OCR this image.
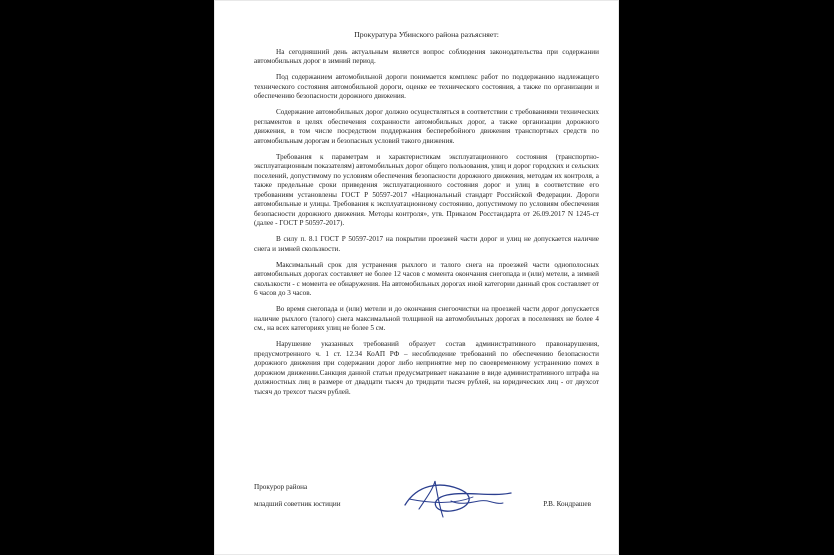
Прокуратура Убинского района разъясняет:

На сегодняшний день актуальным является вопрос соблюдения законодательства при содержании автомобильных дорог в зимний период.

Под содержанием автомобильной дороги понимается комплекс работ по поддержанию надлежащего технического состояния автомобильной дороги, оценке ее технического состояния, а также по организации и обеспечению безопасности дорожного движения.

Содержание автомобильных дорог должно осуществляться в соответствии с требованиями технических регламентов в целях обеспечения сохранности автомобильных дорог, а также организации дорожного движения, в том числе посредством поддержания бесперебойного движения транспортных средств по автомобильным дорогам и безопасных условий такого движения.

Требования к параметрам и характеристикам эксплуатационного состояния (транспортно-эксплуатационным показателям) автомобильных дорог общего пользования, улиц и дорог городских и сельских поселений, допустимому по условиям обеспечения безопасности дорожного движения, методам их контроля, а также предельные сроки приведения эксплуатационного состояния дорог и улиц в соответствие его требованиям установлены ГОСТ Р 50597-2017 «Национальный стандарт Российской Федерации. Дороги автомобильные и улицы. Требования к эксплуатационному состоянию, допустимому по условиям обеспечения безопасности дорожного движения. Методы контроля», утв. Приказом Росстандарта от 26.09.2017 N 1245-ст (далее - ГОСТ Р 50597-2017).

В силу п. 8.1 ГОСТ Р 50597-2017 на покрытии проезжей части дорог и улиц не допускается наличие снега и зимней скользкости.

Максимальный срок для устранения рыхлого и талого снега на проезжей части однополосных автомобильных дорогах составляет не более 12 часов с момента окончания снегопада и (или) метели, а зимней скользкости - с момента ее обнаружения. На автомобильных дорогах иной категории данный срок составляет от 6 часов до 3 часов.

Во время снегопада и (или) метели и до окончания снегоочистки на проезжей части дорог допускается наличие рыхлого (талого) снега максимальной толщиной на автомобильных дорогах в поселениях не более 4 см., на всех категориях улиц не более 5 см.

Нарушение указанных требований образует состав административного правонарушения, предусмотренного ч. 1 ст. 12.34 КоАП РФ – несоблюдение требований по обеспечению безопасности дорожного движения при содержании дорог либо непринятие мер по своевременному устранению помех в дорожном движении.Санкция данной статьи предусматривает наказание в виде административного штрафа на должностных лиц в размере от двадцати тысяч до тридцати тысяч рублей, на юридических лиц - от двухсот тысяч до трехсот тысяч рублей.

Прокурор района
младший советник юстиции	Р.В. Кондрашев
